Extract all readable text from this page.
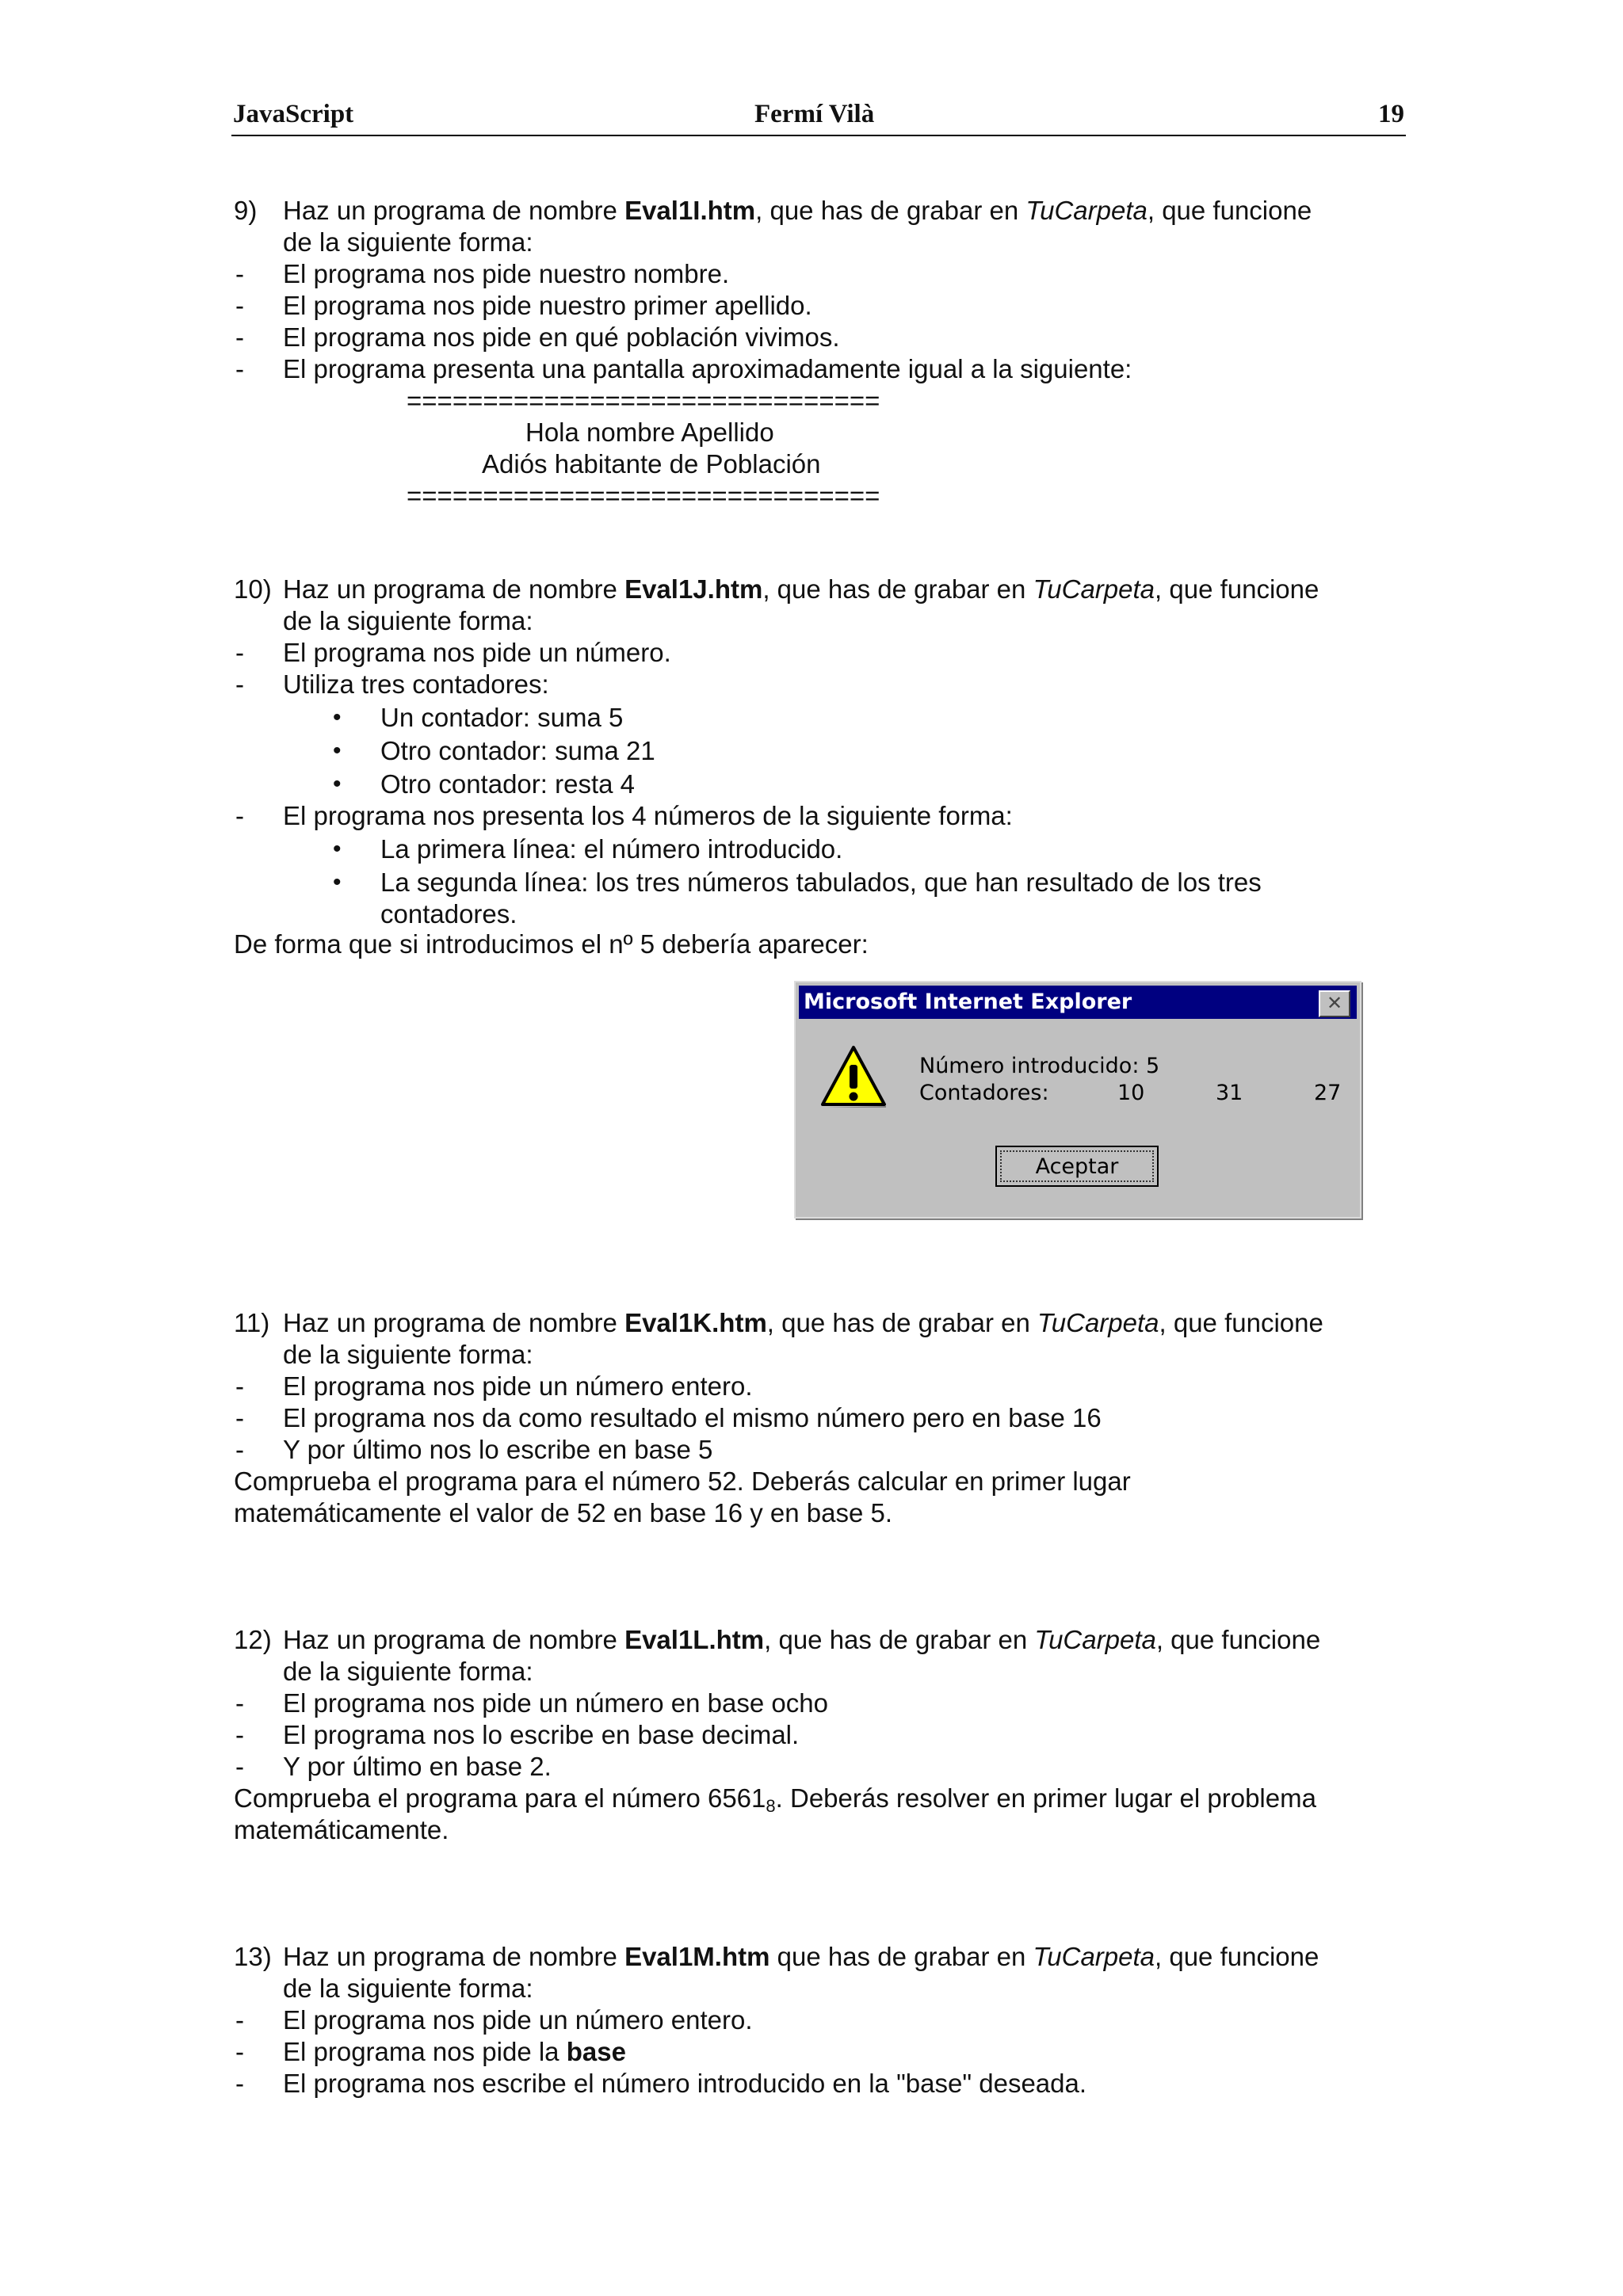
JavaScript	Fermí Vilà	19
9) Haz un programa de nombre Eval1I.htm, que has de grabar en TuCarpeta, que funcione
de la siguiente forma:
- El programa nos pide nuestro nombre.
- El programa nos pide nuestro primer apellido.
- El programa nos pide en qué población vivimos.
- El programa presenta una pantalla aproximadamente igual a la siguiente:
===============================
Hola nombre Apellido
Adiós habitante de Población
===============================
10) Haz un programa de nombre Eval1J.htm, que has de grabar en TuCarpeta, que funcione
de la siguiente forma:
- El programa nos pide un número.
- Utiliza tres contadores:
• Un contador: suma 5
• Otro contador: suma 21
• Otro contador: resta 4
- El programa nos presenta los 4 números de la siguiente forma:
• La primera línea: el número introducido.
• La segunda línea: los tres números tabulados, que han resultado de los tres
contadores.
De forma que si introducimos el nº 5 debería aparecer:
Microsoft Internet Explorer	✕
Número introducido: 5
Contadores:	10	31	27
Aceptar
11) Haz un programa de nombre Eval1K.htm, que has de grabar en TuCarpeta, que funcione
de la siguiente forma:
- El programa nos pide un número entero.
- El programa nos da como resultado el mismo número pero en base 16
- Y por último nos lo escribe en base 5
Comprueba el programa para el número 52. Deberás calcular en primer lugar
matemáticamente el valor de 52 en base 16 y en base 5.
12) Haz un programa de nombre Eval1L.htm, que has de grabar en TuCarpeta, que funcione
de la siguiente forma:
- El programa nos pide un número en base ocho
- El programa nos lo escribe en base decimal.
- Y por último en base 2.
Comprueba el programa para el número $6561_8$. Deberás resolver en primer lugar el problema
matemáticamente.
13) Haz un programa de nombre Eval1M.htm que has de grabar en TuCarpeta, que funcione
de la siguiente forma:
- El programa nos pide un número entero.
- El programa nos pide la base
- El programa nos escribe el número introducido en la "base" deseada.
